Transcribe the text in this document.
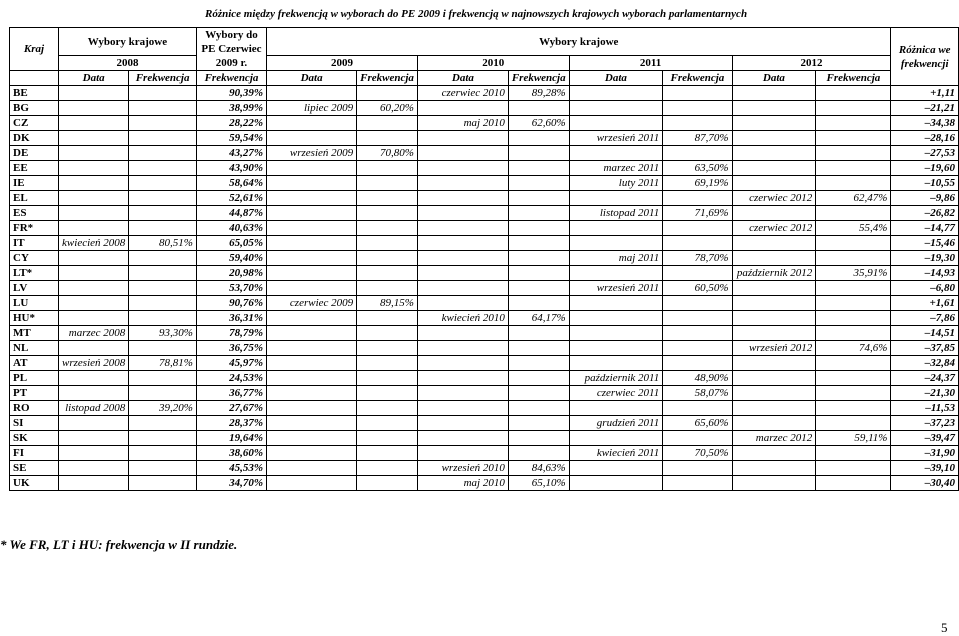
Różnice między frekwencją w wyborach do PE 2009 i frekwencją w najnowszych krajowych wyborach parlamentarnych
Kraj	Wybory krajowe		Wybory do PE Czerwiec 2009 r.	Wybory krajowe								Różnica we frekwencji
	2008			2009		2010		2011		2012		
	Data	Frekwencja	Frekwencja	Data	Frekwencja	Data	Frekwencja	Data	Frekwencja	Data	Frekwencja	
BE			90,39%			czerwiec 2010	89,28%					+1,11
BG			38,99%	lipiec 2009	60,20%							–21,21
CZ			28,22%			maj 2010	62,60%					–34,38
DK			59,54%					wrzesień 2011	87,70%			–28,16
DE			43,27%	wrzesień 2009	70,80%							–27,53
EE			43,90%					marzec 2011	63,50%			–19,60
IE			58,64%					luty 2011	69,19%			–10,55
EL			52,61%							czerwiec 2012	62,47%	–9,86
ES			44,87%					listopad 2011	71,69%			–26,82
FR*			40,63%							czerwiec 2012	55,4%	–14,77
IT	kwiecień 2008	80,51%	65,05%									–15,46
CY			59,40%					maj 2011	78,70%			–19,30
LT*			20,98%							październik 2012	35,91%	–14,93
LV			53,70%					wrzesień 2011	60,50%			–6,80
LU			90,76%	czerwiec 2009	89,15%							+1,61
HU*			36,31%			kwiecień 2010	64,17%					–7,86
MT	marzec 2008	93,30%	78,79%									–14,51
NL			36,75%							wrzesień 2012	74,6%	–37,85
AT	wrzesień 2008	78,81%	45,97%									–32,84
PL			24,53%					październik 2011	48,90%			–24,37
PT			36,77%					czerwiec 2011	58,07%			–21,30
RO	listopad 2008	39,20%	27,67%									–11,53
SI			28,37%					grudzień 2011	65,60%			–37,23
SK			19,64%							marzec 2012	59,11%	–39,47
FI			38,60%					kwiecień 2011	70,50%			–31,90
SE			45,53%			wrzesień 2010	84,63%					–39,10
UK			34,70%			maj 2010	65,10%					–30,40
* We FR, LT i HU: frekwencja w II rundzie.
5
